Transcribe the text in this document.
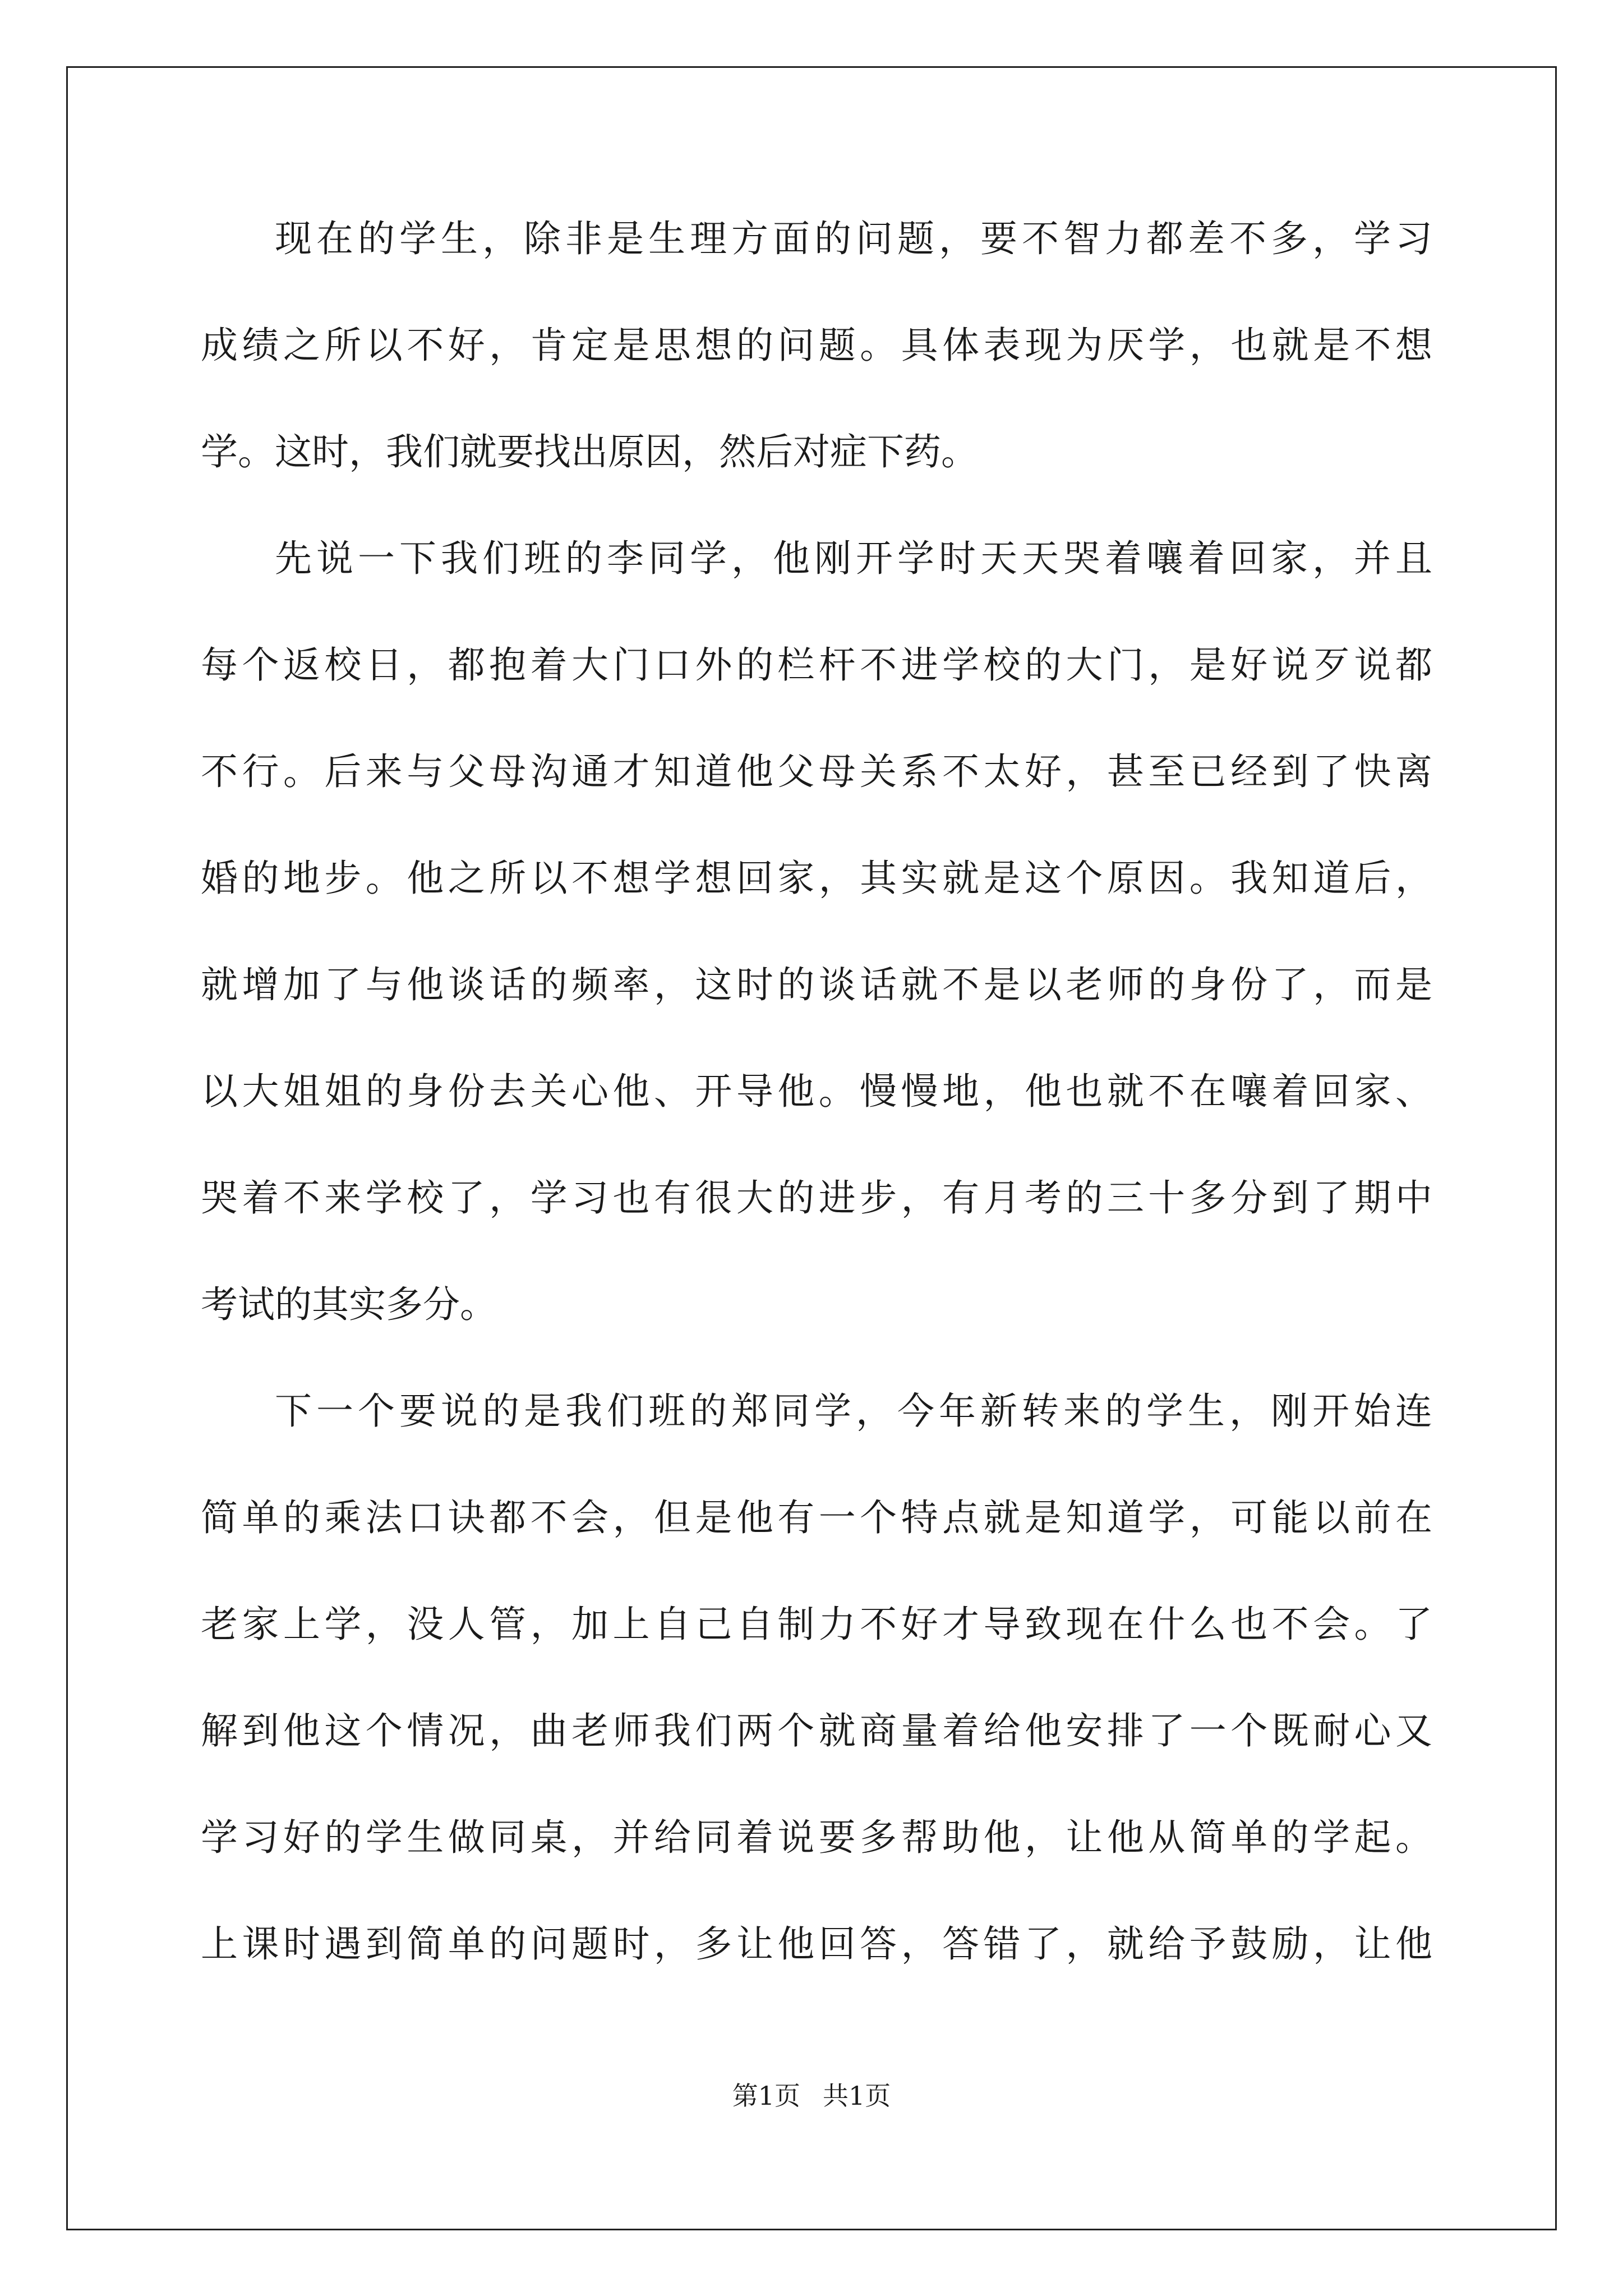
现在的学生，除非是生理方面的问题，要不智力都差不多，学习
成绩之所以不好，肯定是思想的问题。具体表现为厌学，也就是不想
学。这时，我们就要找出原因，然后对症下药。
先说一下我们班的李同学，他刚开学时天天哭着嚷着回家，并且
每个返校日，都抱着大门口外的栏杆不进学校的大门，是好说歹说都
不行。后来与父母沟通才知道他父母关系不太好，甚至已经到了快离
婚的地步。他之所以不想学想回家，其实就是这个原因。我知道后，
就增加了与他谈话的频率，这时的谈话就不是以老师的身份了，而是
以大姐姐的身份去关心他、开导他。慢慢地，他也就不在嚷着回家、
哭着不来学校了，学习也有很大的进步，有月考的三十多分到了期中
考试的其实多分。
下一个要说的是我们班的郑同学，今年新转来的学生，刚开始连
简单的乘法口诀都不会，但是他有一个特点就是知道学，可能以前在
老家上学，没人管，加上自己自制力不好才导致现在什么也不会。了
解到他这个情况，曲老师我们两个就商量着给他安排了一个既耐心又
学习好的学生做同桌，并给同着说要多帮助他，让他从简单的学起。
上课时遇到简单的问题时，多让他回答，答错了，就给予鼓励，让他
第1页 共1页
